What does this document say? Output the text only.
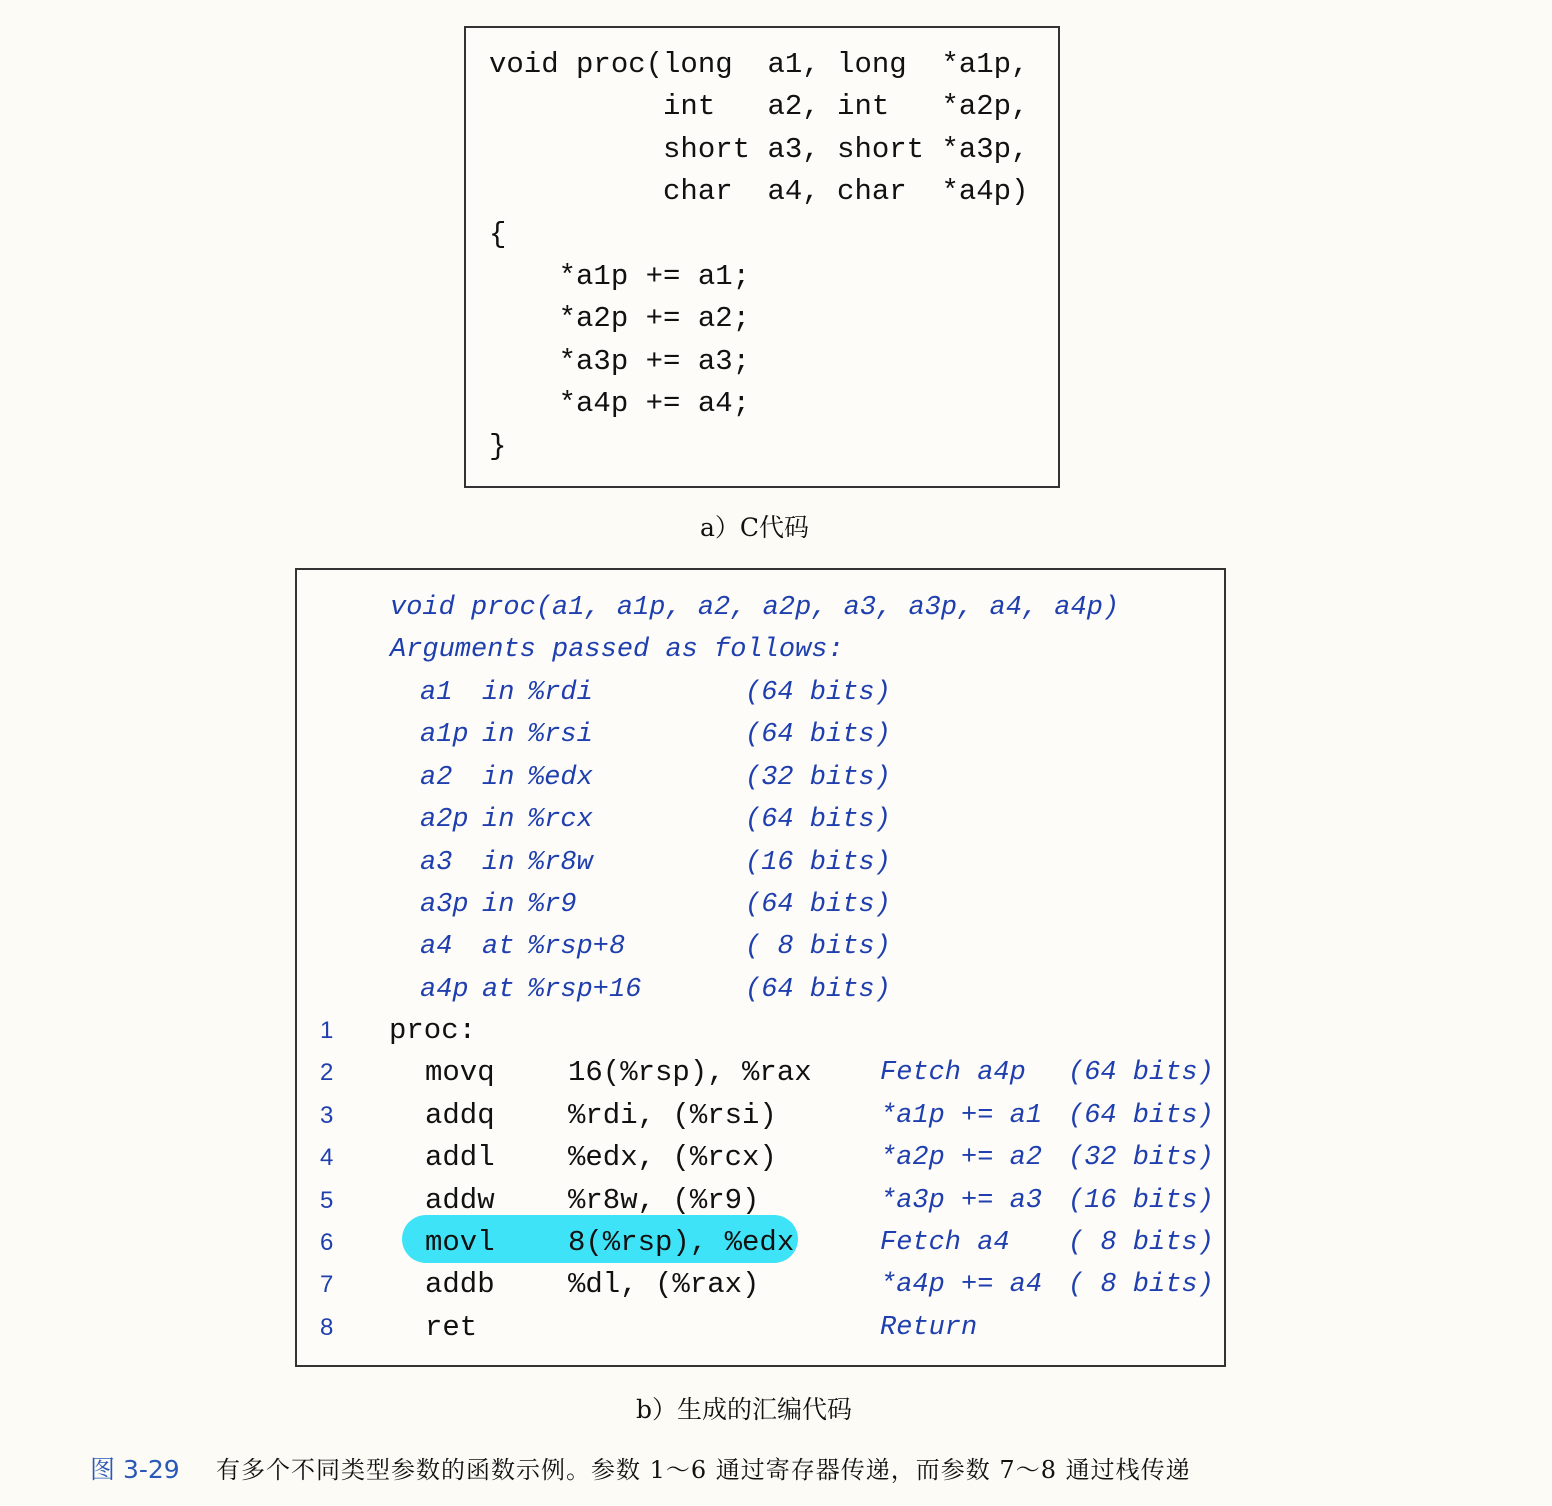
void proc(long  a1, long  *a1p,
int   a2, int   *a2p,
short a3, short *a3p,
char  a4, char  *a4p)
{
*a1p += a1;
*a2p += a2;
*a3p += a3;
*a4p += a4;
}
a）C代码
void proc(a1, a1p, a2, a2p, a3, a3p, a4, a4p)
Arguments passed as follows:
a1 in %rdi	(64 bits)
a1p in %rsi	(64 bits)
a2 in %edx	(32 bits)
a2p in %rcx	(64 bits)
a3 in %r8w	(16 bits)
a3p in %r9	(64 bits)
a4 at %rsp+8	( 8 bits)
a4p at %rsp+16	(64 bits)
1 proc:
2	movq	16(%rsp), %rax	Fetch a4p (64 bits)
3	addq	%rdi, (%rsi)	*a1p += a1 (64 bits)
4	addl	%edx, (%rcx)	*a2p += a2 (32 bits)
5	addw	%r8w, (%r9)	*a3p += a3 (16 bits)
6	movl	8(%rsp), %edx	Fetch a4 ( 8 bits)
7	addb	%dl, (%rax)	*a4p += a4 ( 8 bits)
8	ret	Return
b）生成的汇编代码
图 3-29 有多个不同类型参数的函数示例。参数 1～6 通过寄存器传递，而参数 7～8 通过栈传递
